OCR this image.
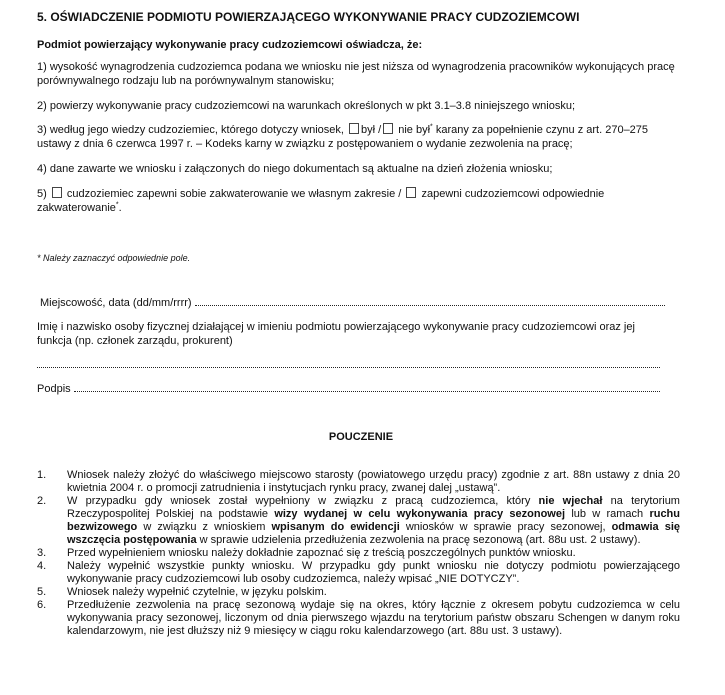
5. OŚWIADCZENIE PODMIOTU POWIERZAJĄCEGO WYKONYWANIE PRACY CUDZOZIEMCOWI
Podmiot powierzający wykonywanie pracy cudzoziemcowi oświadcza, że:
1) wysokość wynagrodzenia cudzoziemca podana we wniosku nie jest niższa od wynagrodzenia pracowników wykonujących pracę porównywalnego rodzaju lub na porównywalnym stanowisku;
2) powierzy wykonywanie pracy cudzoziemcowi na warunkach określonych w pkt 3.1–3.8 niniejszego wniosku;
3) według jego wiedzy cudzoziemiec, którego dotyczy wniosek, był / nie był* karany za popełnienie czynu z art. 270–275 ustawy z dnia 6 czerwca 1997 r. – Kodeks karny w związku z postępowaniem o wydanie zezwolenia na pracę;
4) dane zawarte we wniosku i załączonych do niego dokumentach są aktualne na dzień złożenia wniosku;
5) cudzoziemiec zapewni sobie zakwaterowanie we własnym zakresie / zapewni cudzoziemcowi odpowiednie zakwaterowanie*.
* Należy zaznaczyć odpowiednie pole.
Miejscowość, data (dd/mm/rrrr)
Imię i nazwisko osoby fizycznej działającej w imieniu podmiotu powierzającego wykonywanie pracy cudzoziemcowi oraz jej funkcja (np. członek zarządu, prokurent)
Podpis
POUCZENIE
1.	Wniosek należy złożyć do właściwego miejscowo starosty (powiatowego urzędu pracy) zgodnie z art. 88n ustawy z dnia 20 kwietnia 2004 r. o promocji zatrudnienia i instytucjach rynku pracy, zwanej dalej „ustawą”.
2.	W przypadku gdy wniosek został wypełniony w związku z pracą cudzoziemca, który nie wjechał na terytorium Rzeczypospolitej Polskiej na podstawie wizy wydanej w celu wykonywania pracy sezonowej lub w ramach ruchu bezwizowego w związku z wnioskiem wpisanym do ewidencji wniosków w sprawie pracy sezonowej, odmawia się wszczęcia postępowania w sprawie udzielenia przedłużenia zezwolenia na pracę sezonową (art. 88u ust. 2 ustawy).
3.	Przed wypełnieniem wniosku należy dokładnie zapoznać się z treścią poszczególnych punktów wniosku.
4.	Należy wypełnić wszystkie punkty wniosku. W przypadku gdy punkt wniosku nie dotyczy podmiotu powierzającego wykonywanie pracy cudzoziemcowi lub osoby cudzoziemca, należy wpisać „NIE DOTYCZY”.
5.	Wniosek należy wypełnić czytelnie, w języku polskim.
6.	Przedłużenie zezwolenia na pracę sezonową wydaje się na okres, który łącznie z okresem pobytu cudzoziemca w celu wykonywania pracy sezonowej, liczonym od dnia pierwszego wjazdu na terytorium państw obszaru Schengen w danym roku kalendarzowym, nie jest dłuższy niż 9 miesięcy w ciągu roku kalendarzowego (art. 88u ust. 3 ustawy).
